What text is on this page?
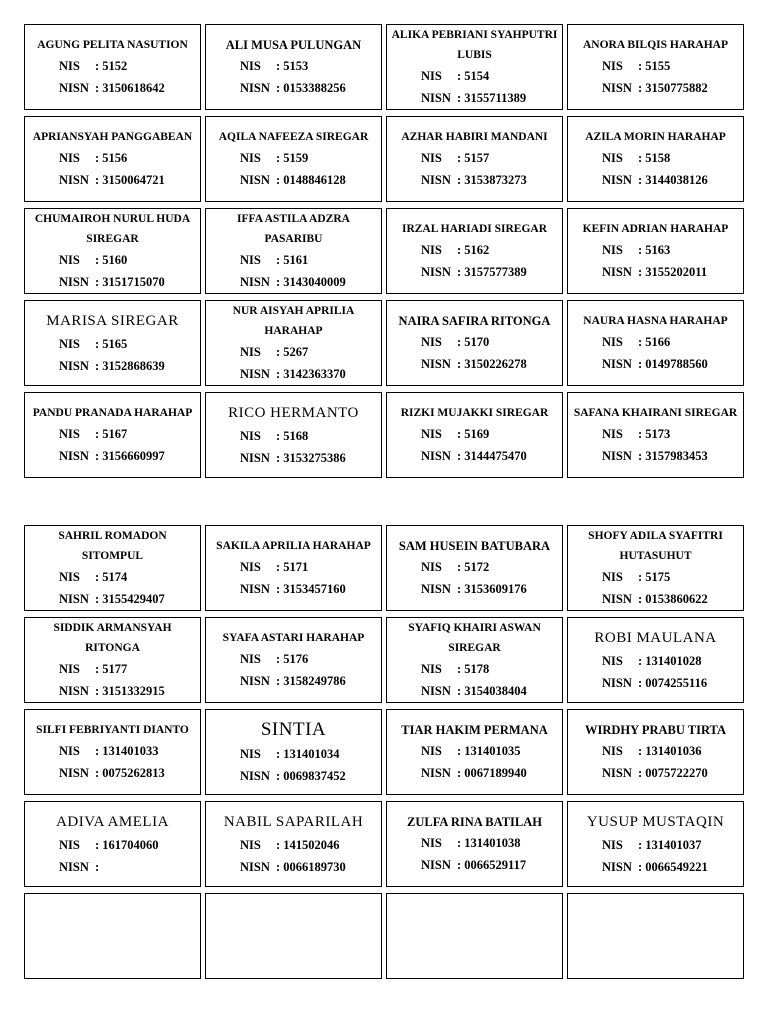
AGUNG PELITA NASUTION
NIS : 5152
NISN : 3150618642
ALI MUSA PULUNGAN
NIS : 5153
NISN : 0153388256
ALIKA PEBRIANI SYAHPUTRI LUBIS
NIS : 5154
NISN : 3155711389
ANORA BILQIS HARAHAP
NIS : 5155
NISN : 3150775882
APRIANSYAH PANGGABEAN
NIS : 5156
NISN : 3150064721
AQILA NAFEEZA SIREGAR
NIS : 5159
NISN : 0148846128
AZHAR HABIRI MANDANI
NIS : 5157
NISN : 3153873273
AZILA MORIN HARAHAP
NIS : 5158
NISN : 3144038126
CHUMAIROH NURUL HUDA SIREGAR
NIS : 5160
NISN : 3151715070
IFFA ASTILA ADZRA PASARIBU
NIS : 5161
NISN : 3143040009
IRZAL HARIADI SIREGAR
NIS : 5162
NISN : 3157577389
KEFIN ADRIAN HARAHAP
NIS : 5163
NISN : 3155202011
MARISA SIREGAR
NIS : 5165
NISN : 3152868639
NUR AISYAH APRILIA HARAHAP
NIS : 5267
NISN : 3142363370
NAIRA SAFIRA RITONGA
NIS : 5170
NISN : 3150226278
NAURA HASNA HARAHAP
NIS : 5166
NISN : 0149788560
PANDU PRANADA HARAHAP
NIS : 5167
NISN : 3156660997
RICO HERMANTO
NIS : 5168
NISN : 3153275386
RIZKI MUJAKKI SIREGAR
NIS : 5169
NISN : 3144475470
SAFANA KHAIRANI SIREGAR
NIS : 5173
NISN : 3157983453
SAHRIL ROMADON SITOMPUL
NIS : 5174
NISN : 3155429407
SAKILA APRILIA HARAHAP
NIS : 5171
NISN : 3153457160
SAM HUSEIN BATUBARA
NIS : 5172
NISN : 3153609176
SHOFY ADILA SYAFITRI HUTASUHUT
NIS : 5175
NISN : 0153860622
SIDDIK ARMANSYAH RITONGA
NIS : 5177
NISN : 3151332915
SYAFA ASTARI HARAHAP
NIS : 5176
NISN : 3158249786
SYAFIQ KHAIRI ASWAN SIREGAR
NIS : 5178
NISN : 3154038404
ROBI MAULANA
NIS : 131401028
NISN : 0074255116
SILFI FEBRIYANTI DIANTO
NIS : 131401033
NISN : 0075262813
SINTIA
NIS : 131401034
NISN : 0069837452
TIAR HAKIM PERMANA
NIS : 131401035
NISN : 0067189940
WIRDHY PRABU TIRTA
NIS : 131401036
NISN : 0075722270
ADIVA AMELIA
NIS : 161704060
NISN :
NABIL SAPARILAH
NIS : 141502046
NISN : 0066189730
ZULFA RINA BATILAH
NIS : 131401038
NISN : 0066529117
YUSUP MUSTAQIN
NIS : 131401037
NISN : 0066549221
